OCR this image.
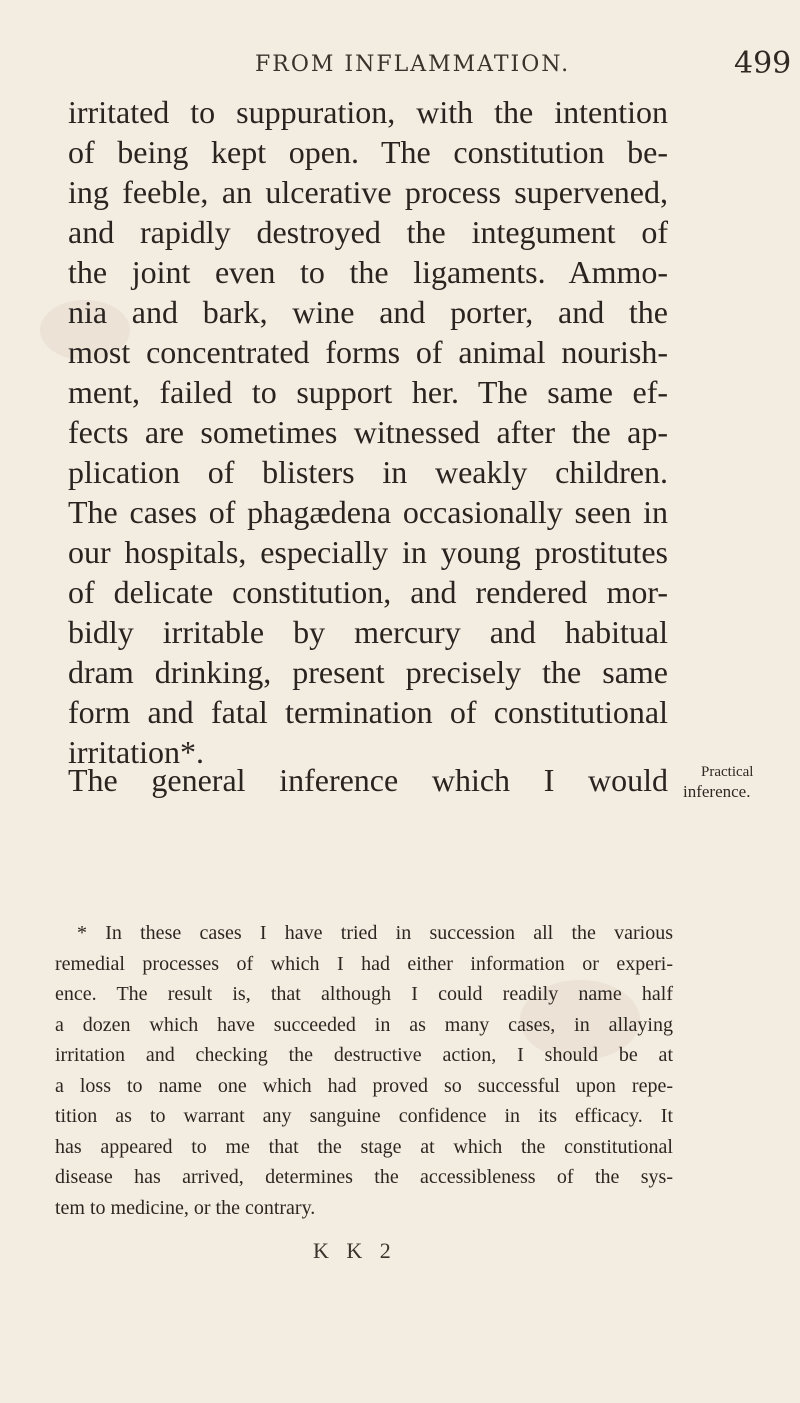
FROM INFLAMMATION.	499
irritated to suppuration, with the intention
of being kept open. The constitution be-
ing feeble, an ulcerative process supervened,
and rapidly destroyed the integument of
the joint even to the ligaments. Ammo-
nia and bark, wine and porter, and the
most concentrated forms of animal nourish-
ment, failed to support her. The same ef-
fects are sometimes witnessed after the ap-
plication of blisters in weakly children.
The cases of phagædena occasionally seen in
our hospitals, especially in young prostitutes
of delicate constitution, and rendered mor-
bidly irritable by mercury and habitual
dram drinking, present precisely the same
form and fatal termination of constitutional
irritation*.
The general inference which I would	Practical
inference.
* In these cases I have tried in succession all the various
remedial processes of which I had either information or experi-
ence. The result is, that although I could readily name half
a dozen which have succeeded in as many cases, in allaying
irritation and checking the destructive action, I should be at
a loss to name one which had proved so successful upon repe-
tition as to warrant any sanguine confidence in its efficacy. It
has appeared to me that the stage at which the constitutional
disease has arrived, determines the accessibleness of the sys-
tem to medicine, or the contrary.
K K 2
